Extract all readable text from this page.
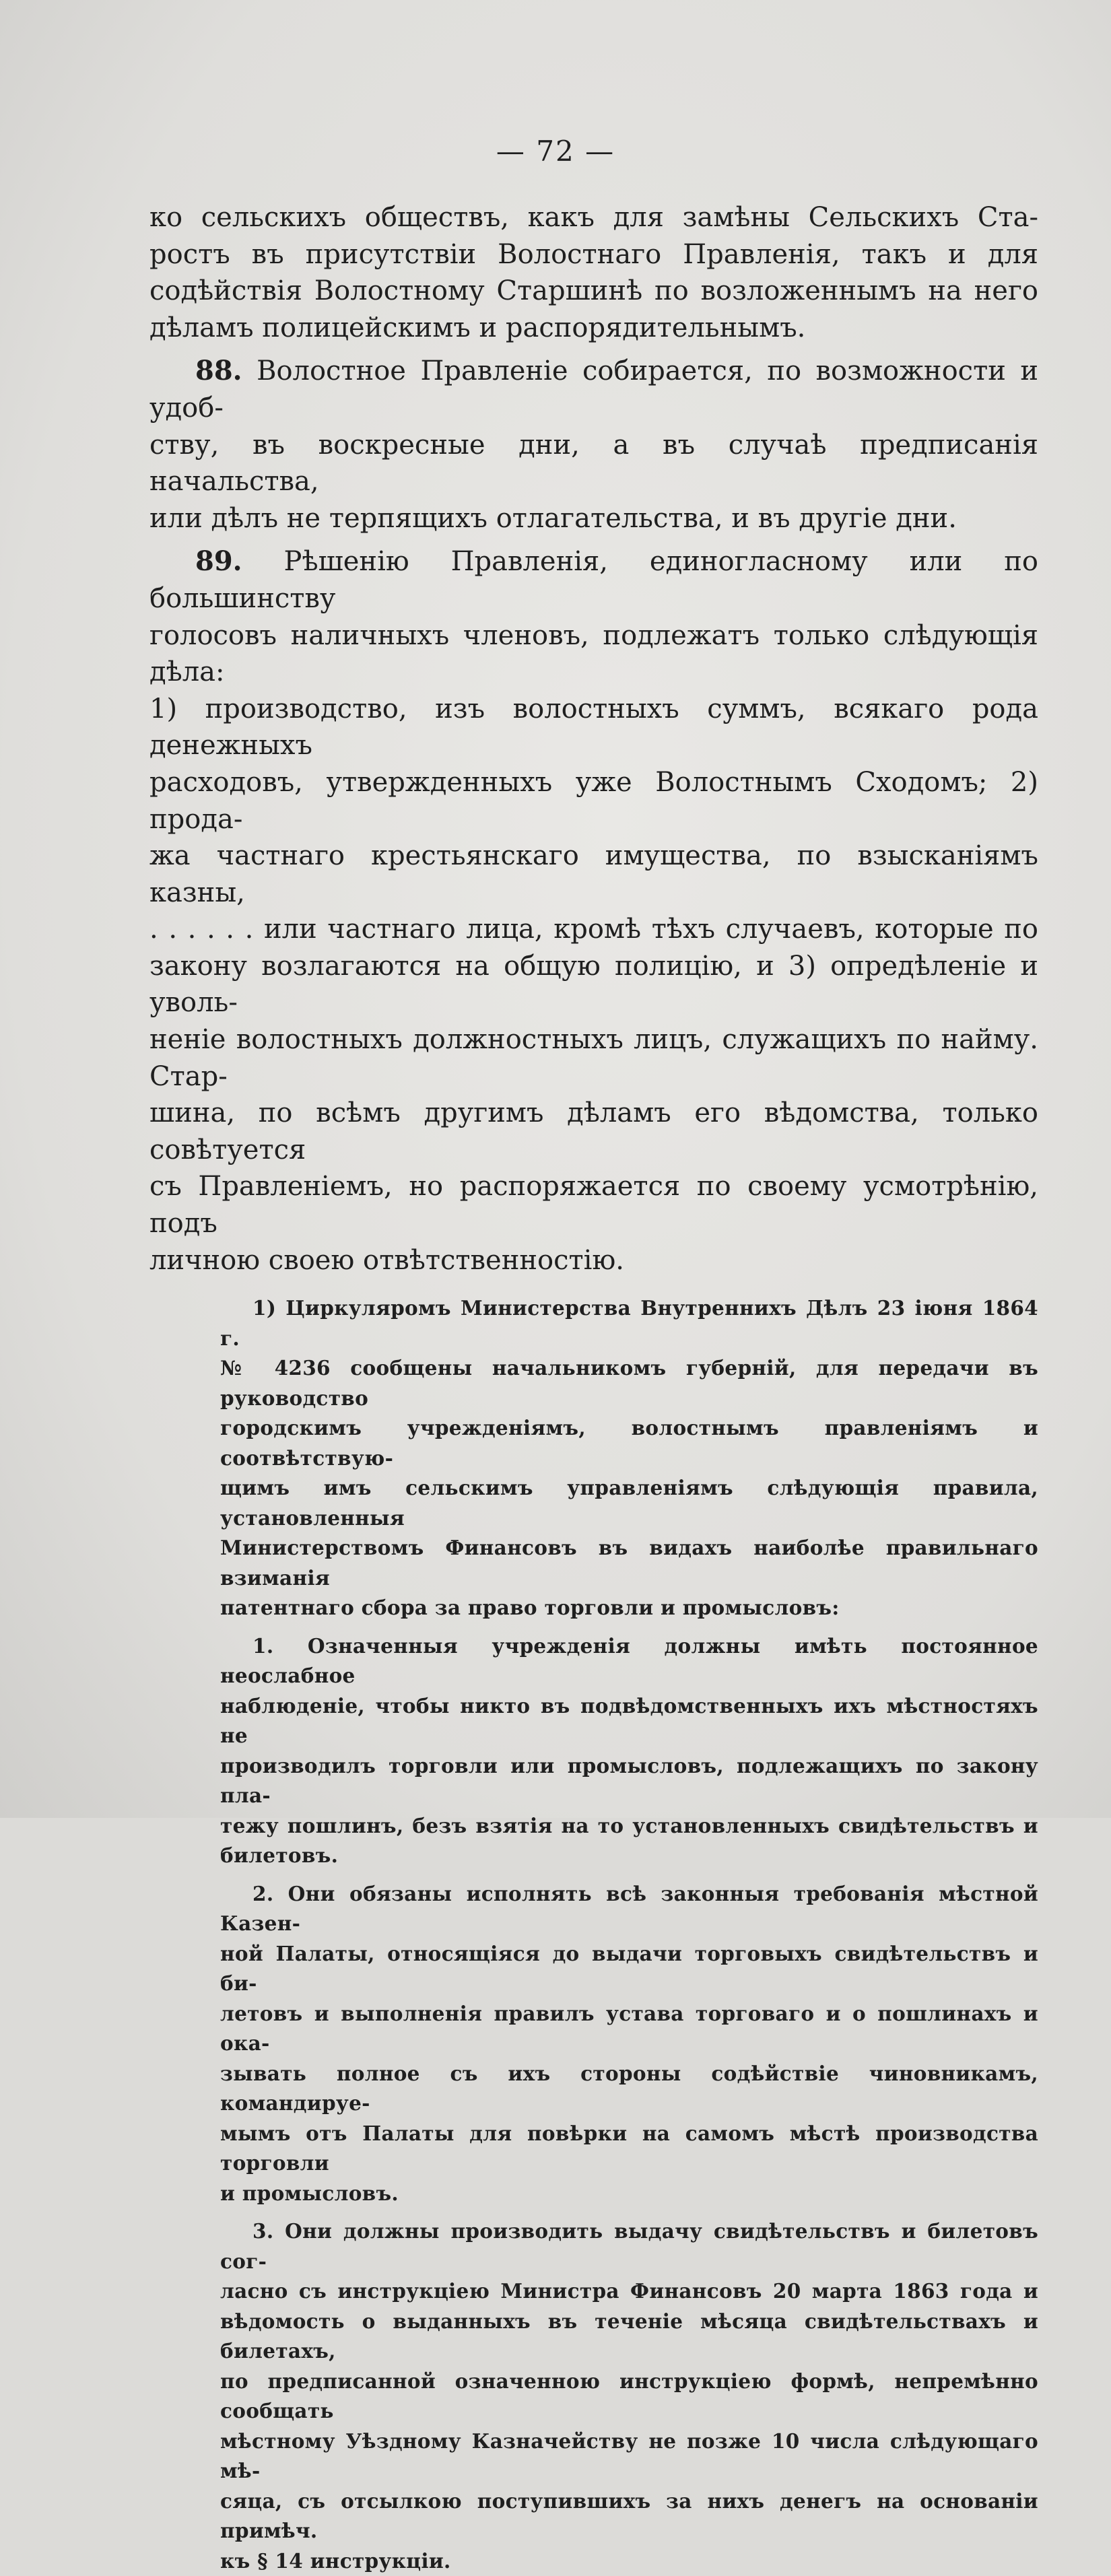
— 72 —

ко сельскихъ обществъ, какъ для замѣны Сельскихъ Ста-

ростъ въ присутствіи Волостнаго Правленія, такъ и для

содѣйствія Волостному Старшинѣ по возложеннымъ на него

дѣламъ полицейскимъ и распорядительнымъ.

88. Волостное Правленіе собирается, по возможности и удоб-

ству, въ воскресные дни, а въ случаѣ предписанія начальства,

или дѣлъ не терпящихъ отлагательства, и въ другіе дни.

89. Рѣшенію Правленія, единогласному или по большинству

голосовъ наличныхъ членовъ, подлежатъ только слѣдующія дѣла:

1) производство, изъ волостныхъ суммъ, всякаго рода денежныхъ

расходовъ, утвержденныхъ уже Волостнымъ Сходомъ; 2) прода-

жа частнаго крестьянскаго имущества, по взысканіямъ казны,

. . . . . . или частнаго лица, кромѣ тѣхъ случаевъ, которые по

закону возлагаются на общую полицію, и 3) опредѣленіе и уволь-

неніе волостныхъ должностныхъ лицъ, служащихъ по найму. Стар-

шина, по всѣмъ другимъ дѣламъ его вѣдомства, только совѣтуется

съ Правленіемъ, но распоряжается по своему усмотрѣнію, подъ

личною своею отвѣтственностію.

1) Циркуляромъ Министерства Внутреннихъ Дѣлъ 23 іюня 1864 г.

№ 4236 сообщены начальникомъ губерній, для передачи въ руководство

городскимъ учрежденіямъ, волостнымъ правленіямъ и соотвѣтствую-

щимъ имъ сельскимъ управленіямъ слѣдующія правила, установленныя

Министерствомъ Финансовъ въ видахъ наиболѣе правильнаго взиманія

патентнаго сбора за право торговли и промысловъ:

1. Означенныя учрежденія должны имѣть постоянное неослабное

наблюденіе, чтобы никто въ подвѣдомственныхъ ихъ мѣстностяхъ не

производилъ торговли или промысловъ, подлежащихъ по закону пла-

тежу пошлинъ, безъ взятія на то установленныхъ свидѣтельствъ и

билетовъ.

2. Они обязаны исполнять всѣ законныя требованія мѣстной Казен-

ной Палаты, относящіяся до выдачи торговыхъ свидѣтельствъ и би-

летовъ и выполненія правилъ устава торговаго и о пошлинахъ и ока-

зывать полное съ ихъ стороны содѣйствіе чиновникамъ, командируе-

мымъ отъ Палаты для повѣрки на самомъ мѣстѣ производства торговли

и промысловъ.

3. Они должны производить выдачу свидѣтельствъ и билетовъ сог-

ласно съ инструкціею Министра Финансовъ 20 марта 1863 года и

вѣдомость о выданныхъ въ теченіе мѣсяца свидѣтельствахъ и билетахъ,

по предписанной означенною инструкціею формѣ, непремѣнно сообщать

мѣстному Уѣздному Казначейству не позже 10 числа слѣдующаго мѣ-

сяца, съ отсылкою поступившихъ за нихъ денегъ на основаніи примѣч.

къ § 14 инструкціи.
